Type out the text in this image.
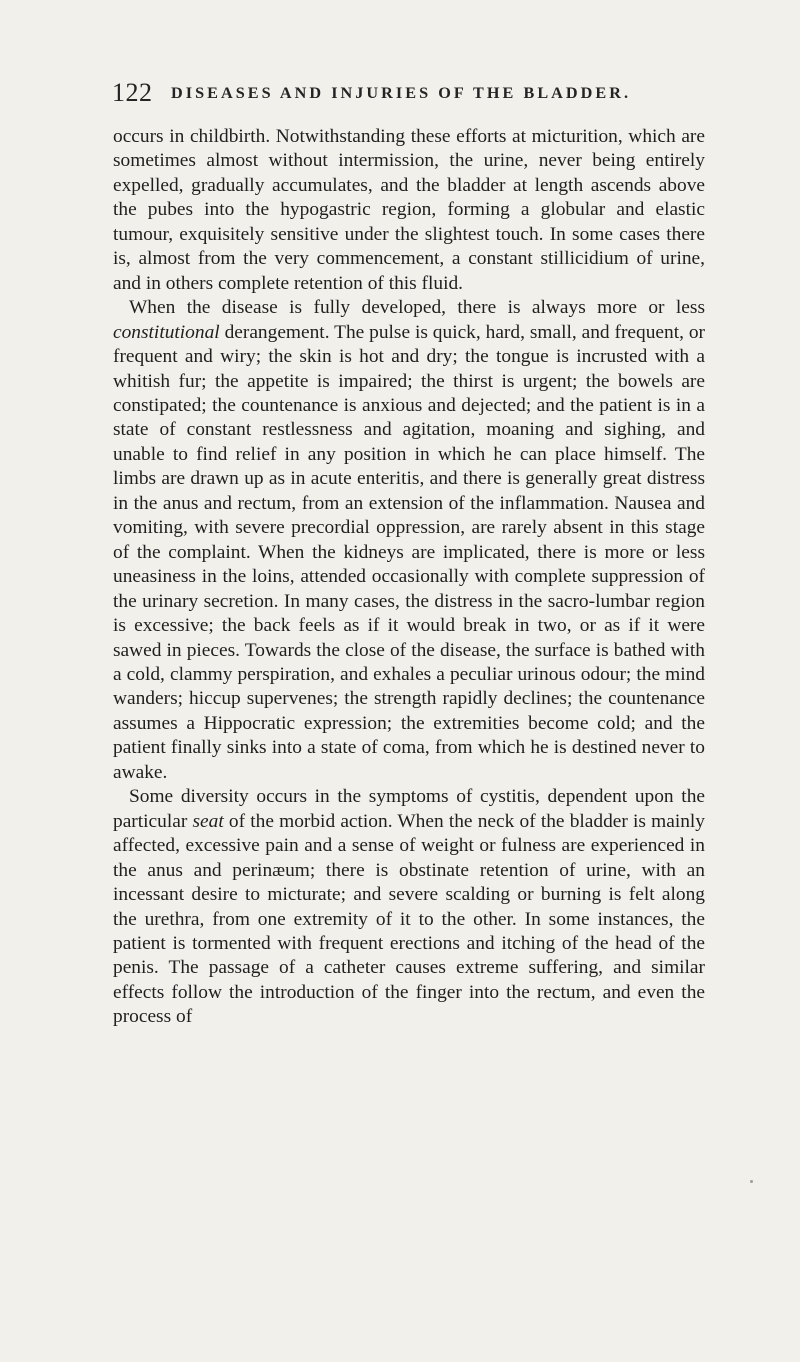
122 DISEASES AND INJURIES OF THE BLADDER.

occurs in childbirth. Notwithstanding these efforts at micturition, which are sometimes almost without intermission, the urine, never being entirely expelled, gradually accumulates, and the bladder at length ascends above the pubes into the hypogastric region, forming a globular and elastic tumour, exquisitely sensitive under the slightest touch. In some cases there is, almost from the very commencement, a constant stillicidium of urine, and in others complete retention of this fluid.

When the disease is fully developed, there is always more or less constitutional derangement. The pulse is quick, hard, small, and frequent, or frequent and wiry; the skin is hot and dry; the tongue is incrusted with a whitish fur; the appetite is impaired; the thirst is urgent; the bowels are constipated; the countenance is anxious and dejected; and the patient is in a state of constant restlessness and agitation, moaning and sighing, and unable to find relief in any position in which he can place himself. The limbs are drawn up as in acute enteritis, and there is generally great distress in the anus and rectum, from an extension of the inflammation. Nausea and vomiting, with severe precordial oppression, are rarely absent in this stage of the complaint. When the kidneys are implicated, there is more or less uneasiness in the loins, attended occasionally with complete suppression of the urinary secretion. In many cases, the distress in the sacro-lumbar region is excessive; the back feels as if it would break in two, or as if it were sawed in pieces. Towards the close of the disease, the surface is bathed with a cold, clammy perspiration, and exhales a peculiar urinous odour; the mind wanders; hiccup supervenes; the strength rapidly declines; the countenance assumes a Hippocratic expression; the extremities become cold; and the patient finally sinks into a state of coma, from which he is destined never to awake.

Some diversity occurs in the symptoms of cystitis, dependent upon the particular seat of the morbid action. When the neck of the bladder is mainly affected, excessive pain and a sense of weight or fulness are experienced in the anus and perinæum; there is obstinate retention of urine, with an incessant desire to micturate; and severe scalding or burning is felt along the urethra, from one extremity of it to the other. In some instances, the patient is tormented with frequent erections and itching of the head of the penis. The passage of a catheter causes extreme suffering, and similar effects follow the introduction of the finger into the rectum, and even the process of
